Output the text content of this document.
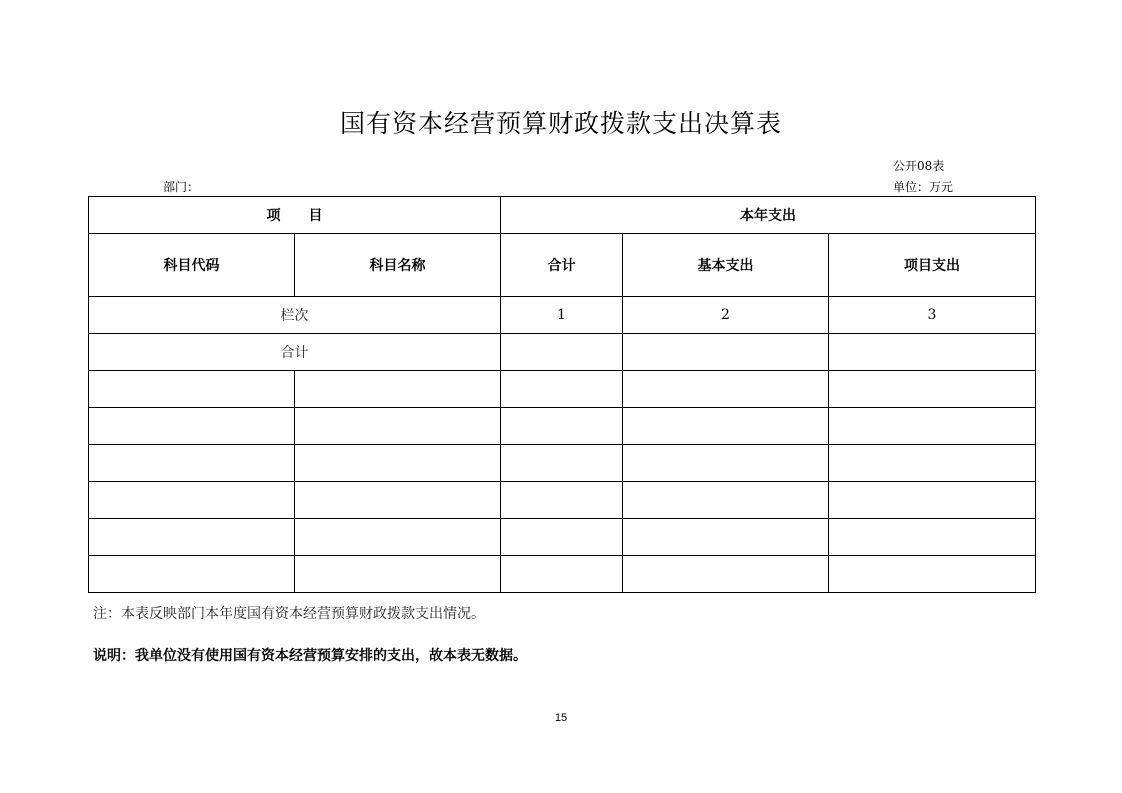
国有资本经营预算财政拨款支出决算表
公开08表
部门：	单位：万元
项　　目		本年支出		
科目代码	科目名称	合计	基本支出	项目支出
栏次		1	2	3
合计				

注：本表反映部门本年度国有资本经营预算财政拨款支出情况。
说明：我单位没有使用国有资本经营预算安排的支出，故本表无数据。
15
